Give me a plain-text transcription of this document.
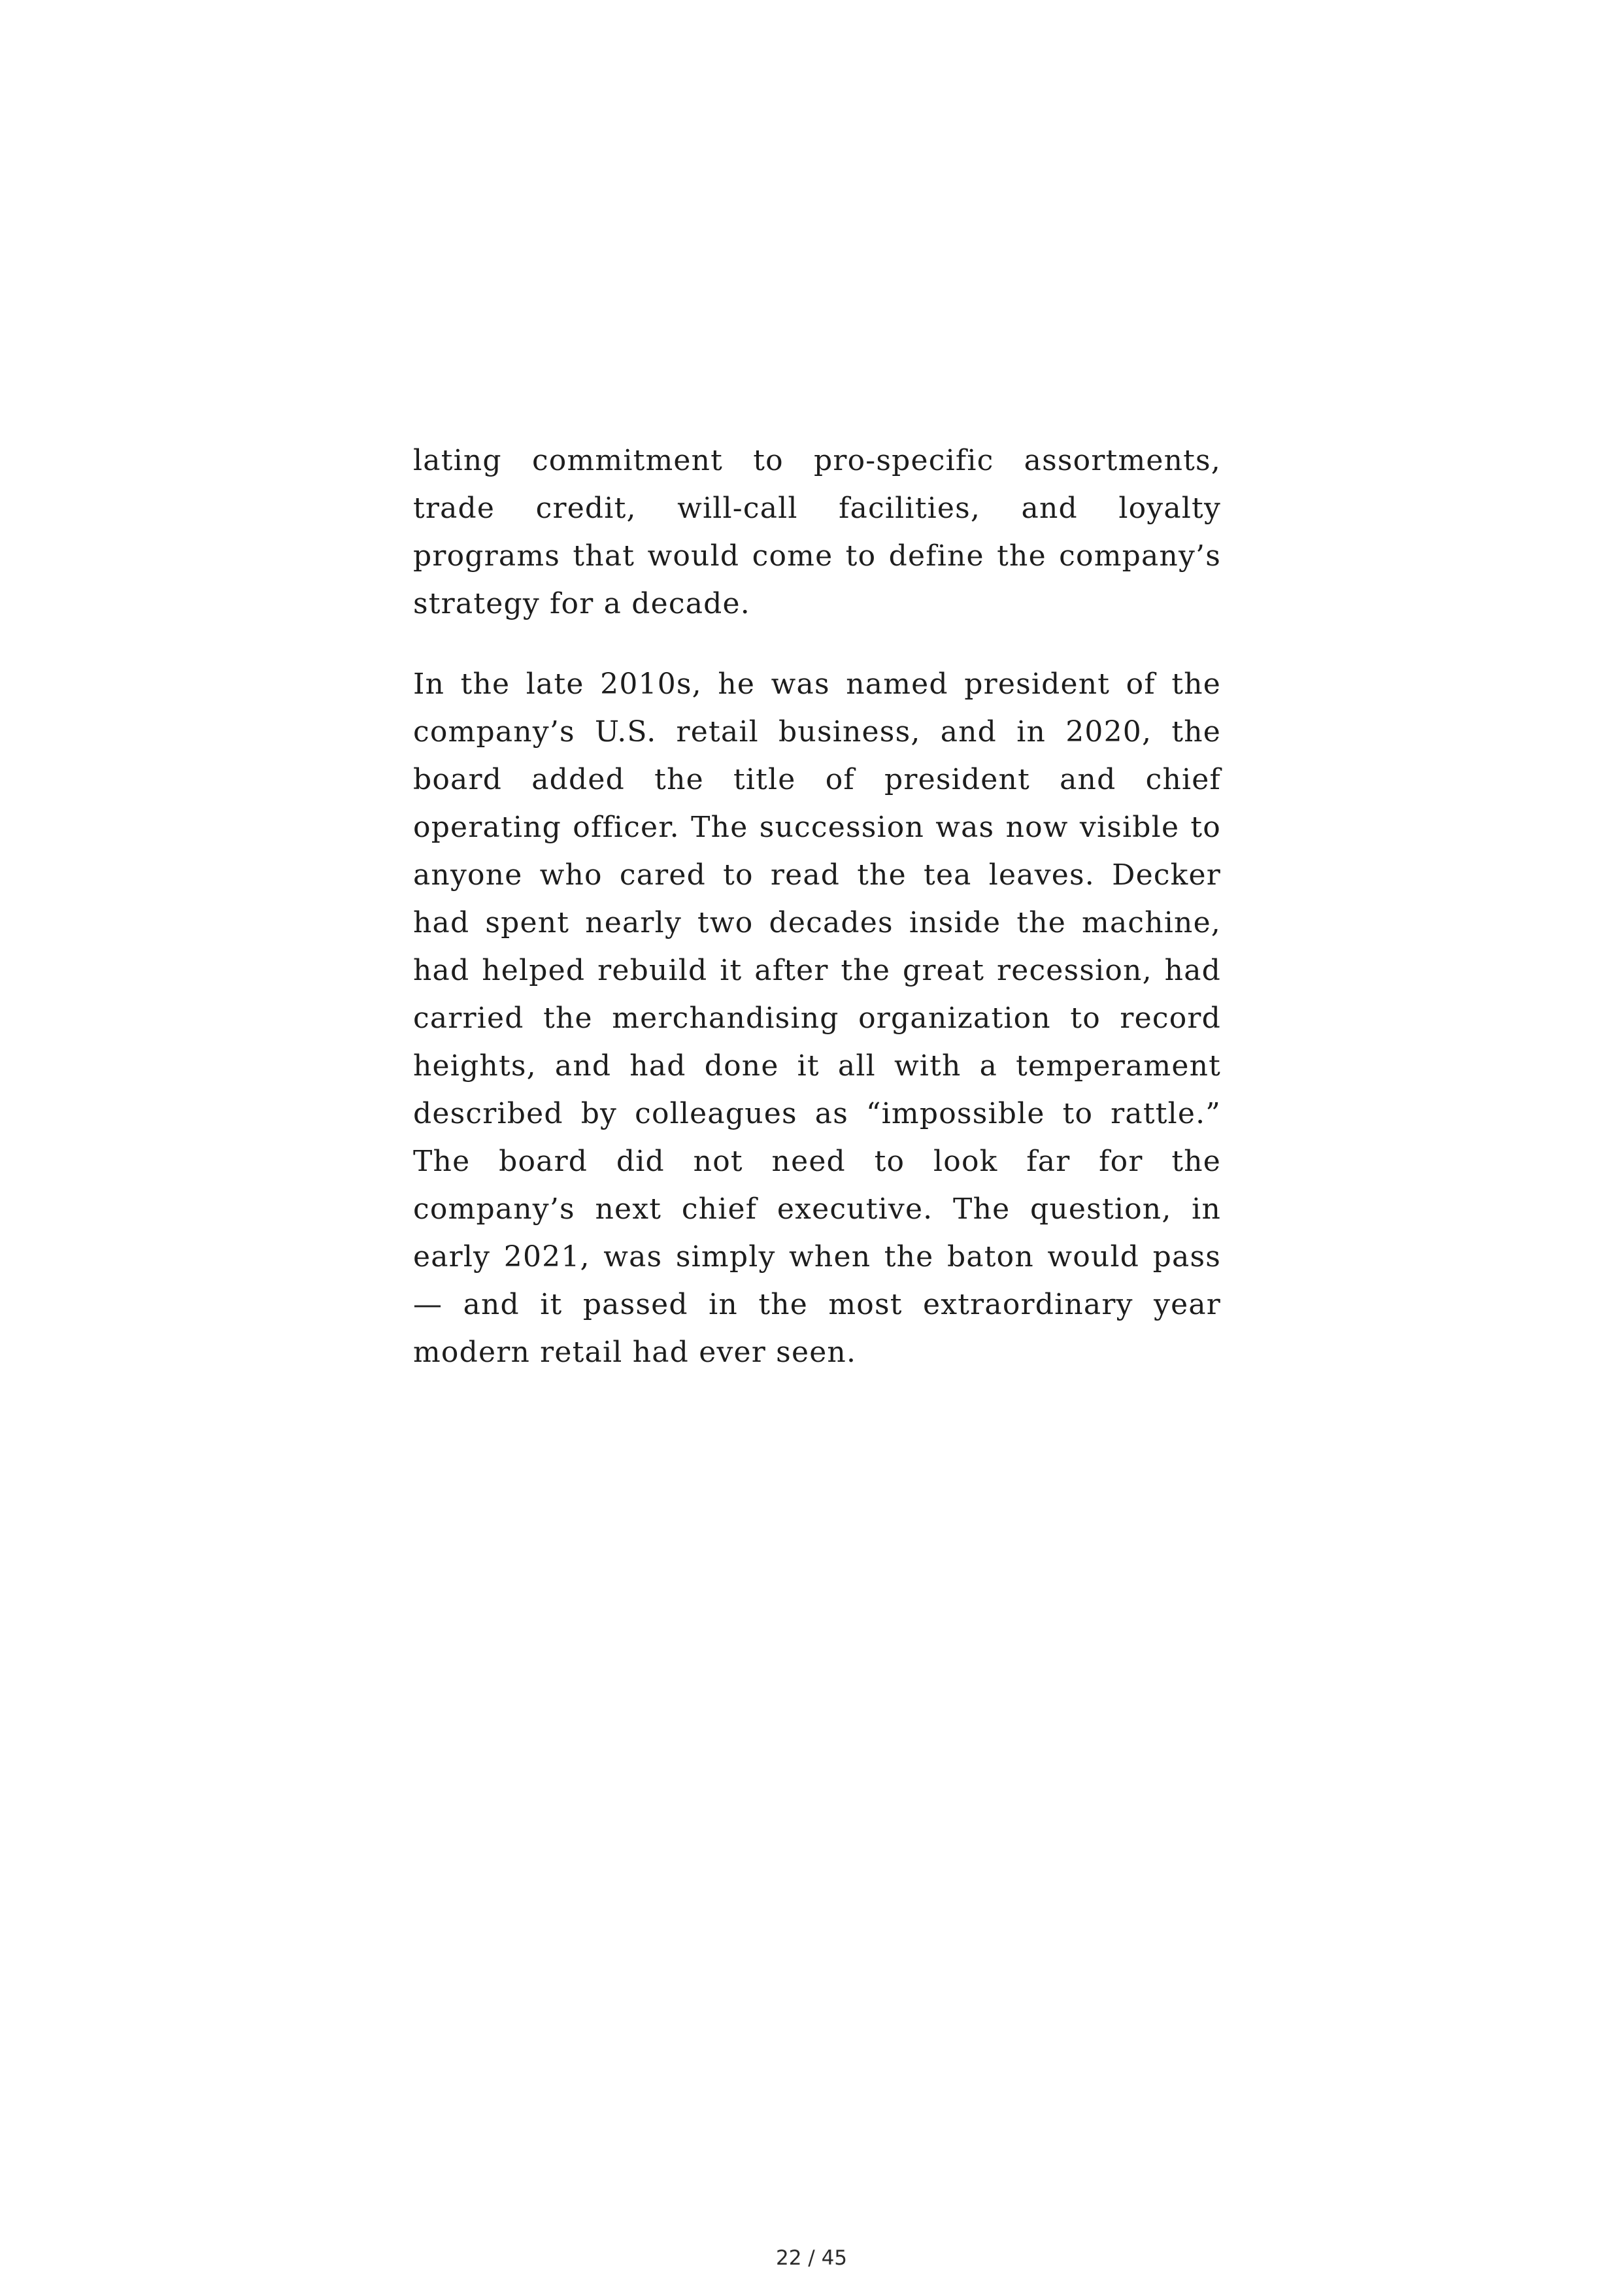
lating commitment to pro-specific assortments, trade credit, will-call facilities, and loyalty programs that would come to define the company’s strategy for a decade.

In the late 2010s, he was named president of the company’s U.S. retail business, and in 2020, the board added the title of president and chief operating officer. The succession was now visible to anyone who cared to read the tea leaves. Decker had spent nearly two decades inside the machine, had helped rebuild it after the great recession, had carried the merchandising organization to record heights, and had done it all with a temperament described by colleagues as “impossible to rattle.” The board did not need to look far for the company’s next chief executive. The question, in early 2021, was simply when the baton would pass — and it passed in the most extraordinary year modern retail had ever seen.

22 / 45
